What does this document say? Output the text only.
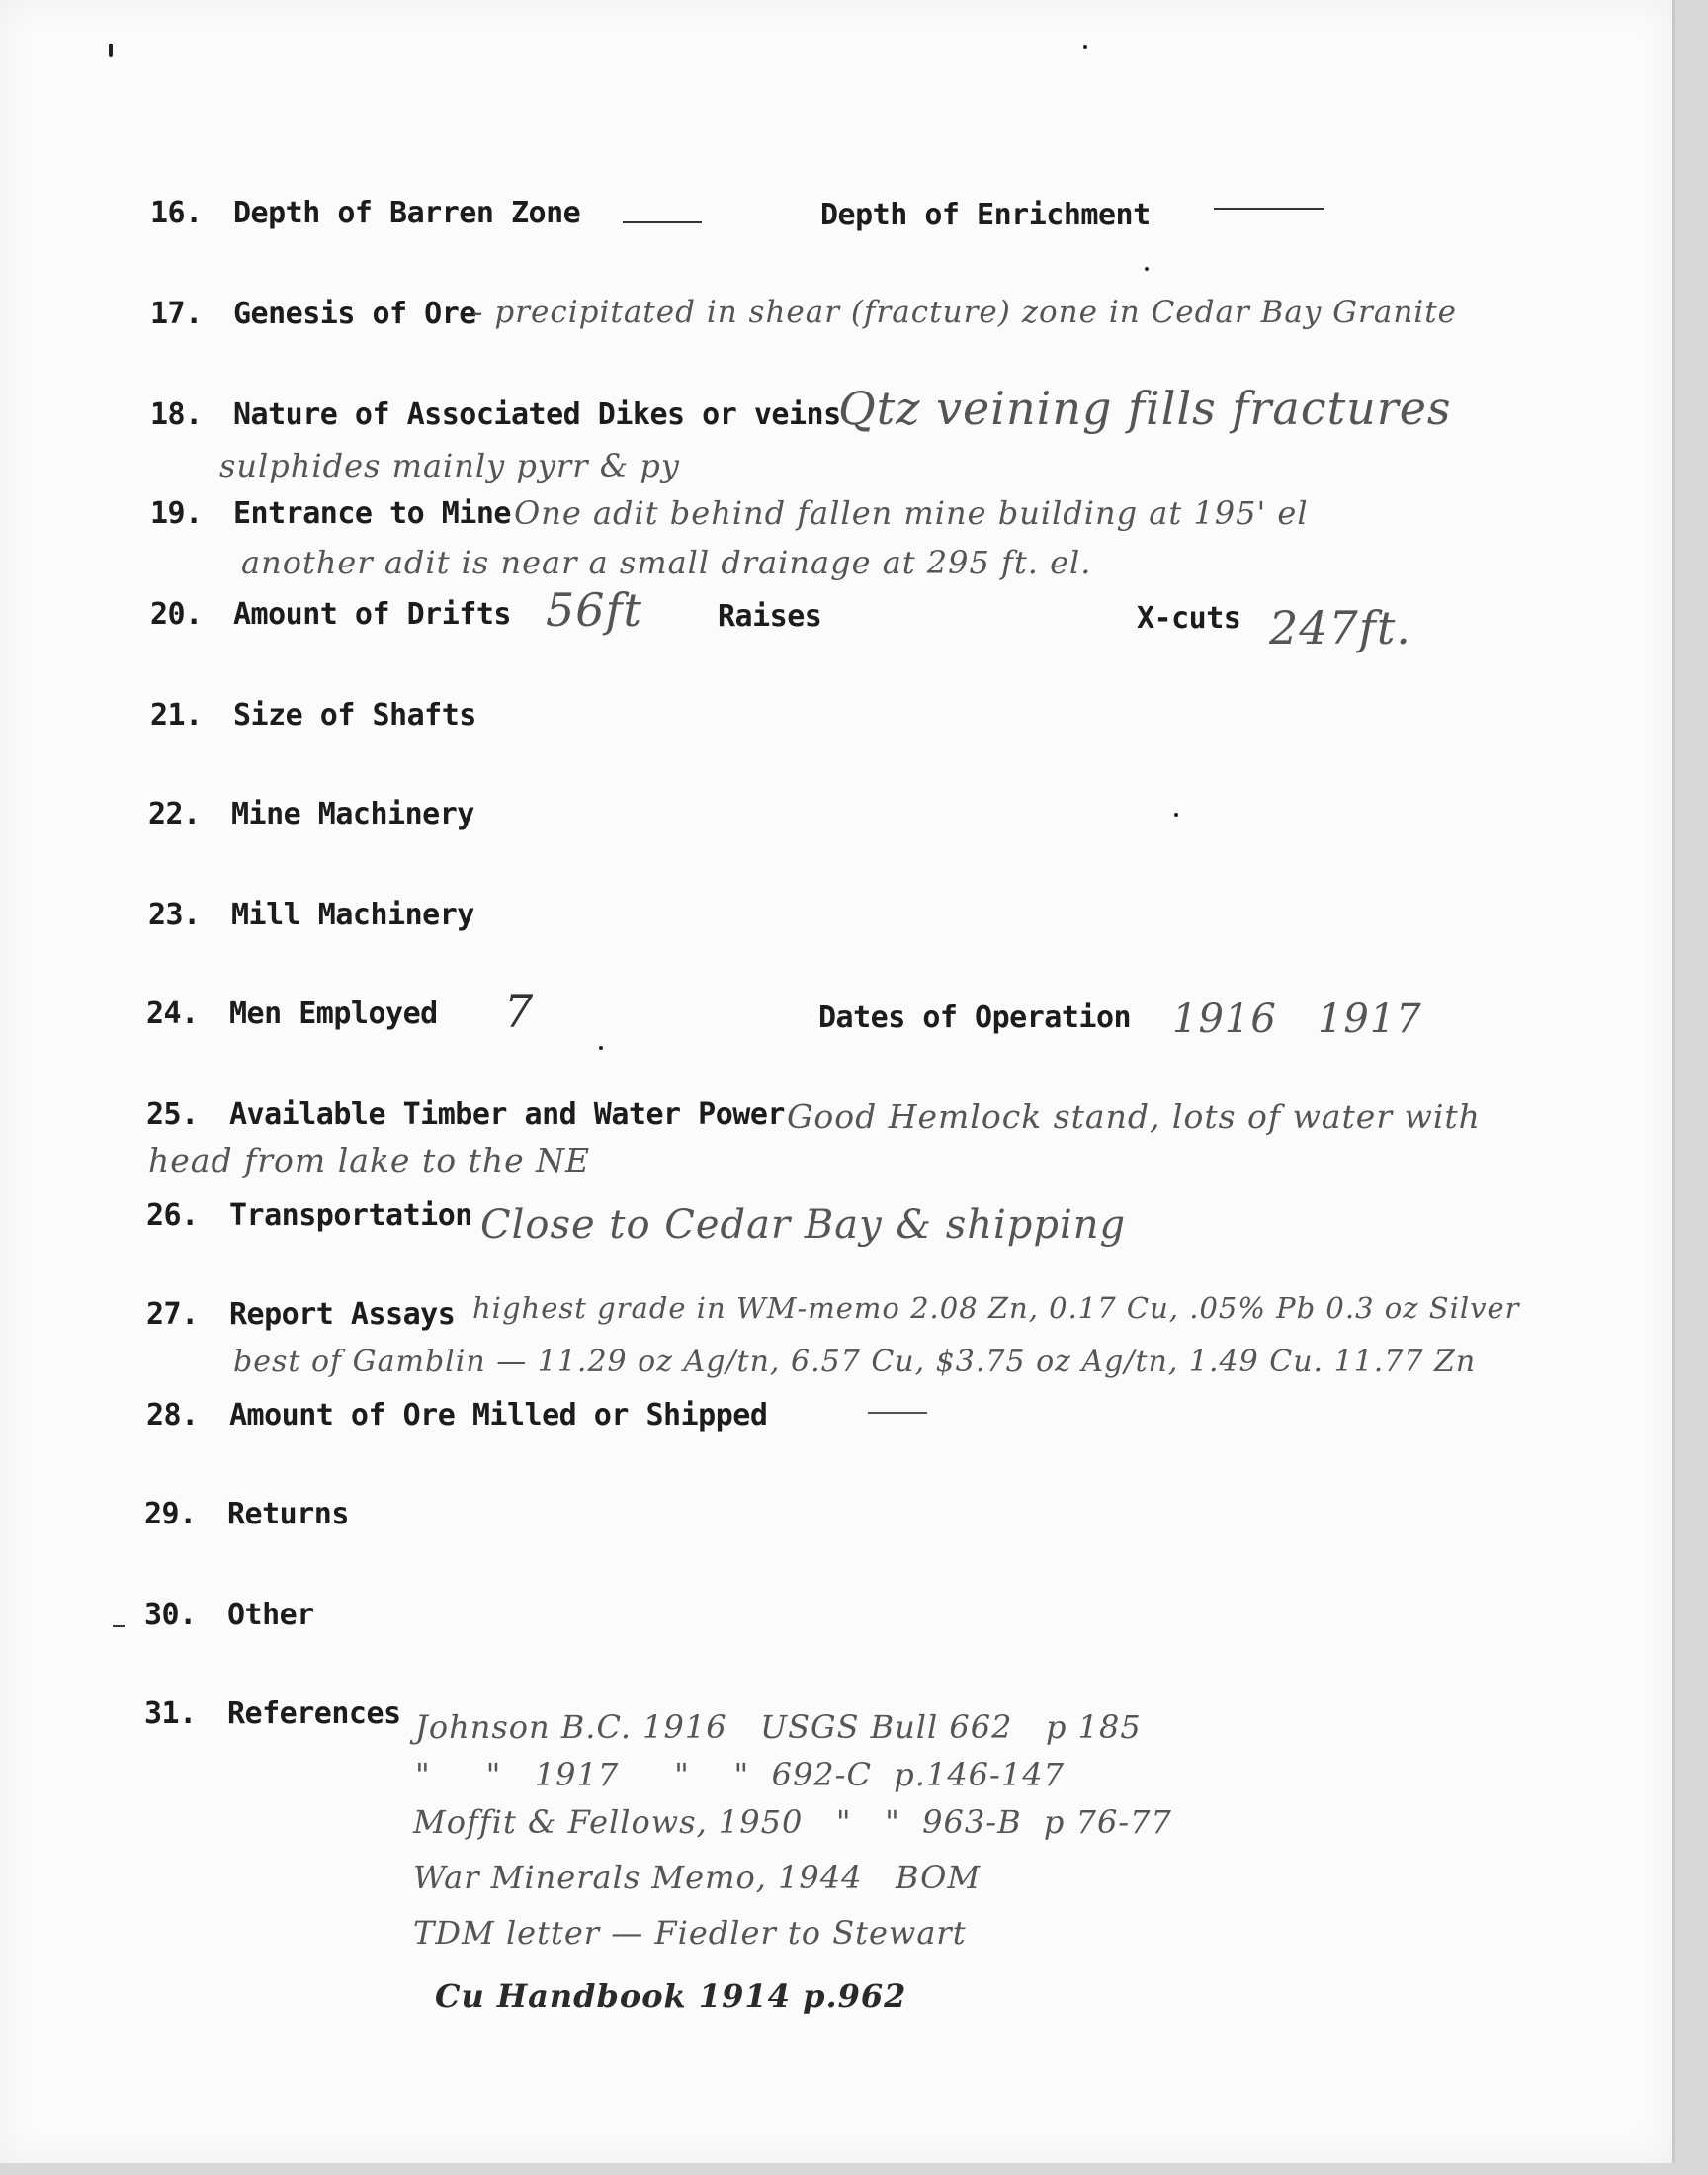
16. Depth of Barren Zone	Depth of Enrichment

17. Genesis of Ore

- precipitated in shear (fracture) zone in Cedar Bay Granite

18. Nature of Associated Dikes or veins

Qtz veining fills fractures

sulphides mainly pyrr & py

19. Entrance to Mine One adit behind fallen mine building at 195' el

another adit is near a small drainage at 295 ft. el.

20. Amount of Drifts 56ft	Raises	X-cuts 247ft.

21. Size of Shafts

22. Mine Machinery

23. Mill Machinery

24. Men Employed 7	Dates of Operation 1916   1917

25. Available Timber and Water Power Good Hemlock stand, lots of water with

head from lake to the NE

26. Transportation Close to Cedar Bay & shipping

27. Report Assays highest grade in WM-memo 2.08 Zn, 0.17 Cu, .05% Pb 0.3 oz Silver

best of Gamblin — 11.29 oz Ag/tn, 6.57 Cu, $3.75 oz Ag/tn, 1.49 Cu. 11.77 Zn

28. Amount of Ore Milled or Shipped

29. Returns

30. Other

31. References Johnson B.C. 1916   USGS Bull 662   p 185

"     "   1917     "    "  692-C  p.146-147

Moffit & Fellows, 1950   "   "  963-B  p 76-77

War Minerals Memo, 1944   BOM

TDM letter — Fiedler to Stewart

Cu Handbook 1914 p.962
